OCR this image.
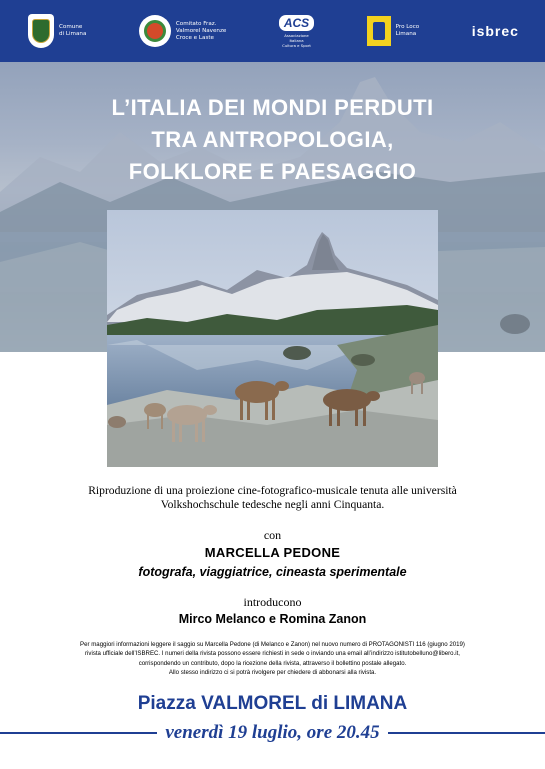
Comune
di Limana
Comitato Fraz.
Valmorel Navenze
Croce e Laste
ACS
Associazione
Italiana
Cultura e Sport
Pro Loco
Limana	isbrec
L’ITALIA DEI MONDI PERDUTI
TRA ANTROPOLOGIA,
FOLKLORE E PAESAGGIO

Riproduzione di una proiezione cine-fotografico-musicale tenuta alle università
Volkshochschule tedesche negli anni Cinquanta.

con
MARCELLA PEDONE
fotografa, viaggiatrice, cineasta sperimentale
introducono
Mirco Melanco e Romina Zanon
Per maggiori informazioni leggere il saggio su Marcella Pedone (di Melanco e Zanon) nel nuovo numero di PROTAGONISTI 116 (giugno 2019)
rivista ufficiale dell’ISBREC. I numeri della rivista possono essere richiesti in sede o inviando una email all’indirizzo istitutobelluno@libero.it,
corrispondendo un contributo, dopo la ricezione della rivista, attraverso il bollettino postale allegato.
Allo stesso indirizzo ci si potrà rivolgere per chiedere di abbonarsi alla rivista.
Piazza VALMOREL di LIMANA
venerdì 19 luglio, ore 20.45
